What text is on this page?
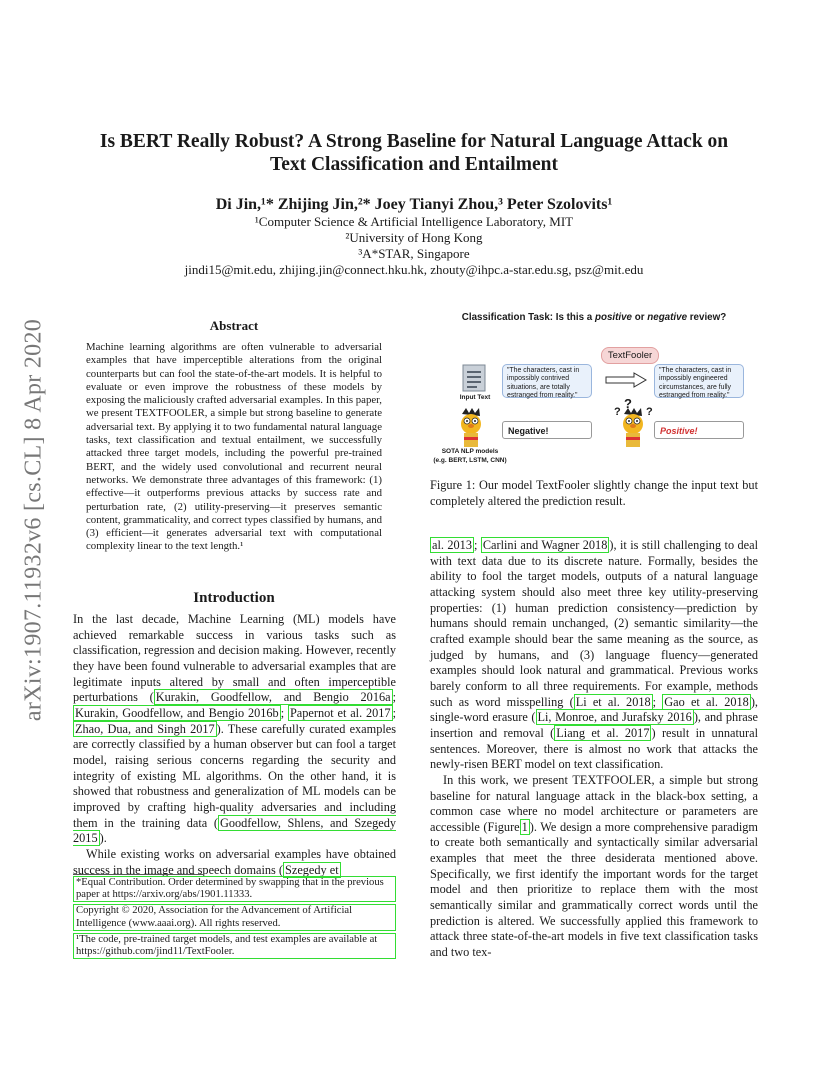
arXiv:1907.11932v6 [cs.CL] 8 Apr 2020
Is BERT Really Robust? A Strong Baseline for Natural Language Attack on Text Classification and Entailment
Di Jin,¹* Zhijing Jin,²* Joey Tianyi Zhou,³ Peter Szolovits¹
¹Computer Science & Artificial Intelligence Laboratory, MIT
²University of Hong Kong
³A*STAR, Singapore
jindi15@mit.edu, zhijing.jin@connect.hku.hk, zhouty@ihpc.a-star.edu.sg, psz@mit.edu
Abstract

Machine learning algorithms are often vulnerable to adversarial examples that have imperceptible alterations from the original counterparts but can fool the state-of-the-art models. It is helpful to evaluate or even improve the robustness of these models by exposing the maliciously crafted adversarial examples. In this paper, we present TEXTFOOLER, a simple but strong baseline to generate adversarial text. By applying it to two fundamental natural language tasks, text classification and textual entailment, we successfully attacked three target models, including the powerful pre-trained BERT, and the widely used convolutional and recurrent neural networks. We demonstrate three advantages of this framework: (1) effective—it outperforms previous attacks by success rate and perturbation rate, (2) utility-preserving—it preserves semantic content, grammaticality, and correct types classified by humans, and (3) efficient—it generates adversarial text with computational complexity linear to the text length.¹

Introduction

In the last decade, Machine Learning (ML) models have achieved remarkable success in various tasks such as classification, regression and decision making. However, recently they have been found vulnerable to adversarial examples that are legitimate inputs altered by small and often imperceptible perturbations ( Kurakin, Goodfellow, and Bengio 2016a ; Kurakin, Goodfellow, and Bengio 2016b ; Papernot et al. 2017 ; Zhao, Dua, and Singh 2017 ). These carefully curated examples are correctly classified by a human observer but can fool a target model, raising serious concerns regarding the security and integrity of existing ML algorithms. On the other hand, it is showed that robustness and generalization of ML models can be improved by crafting high-quality adversaries and including them in the training data ( Goodfellow, Shlens, and Szegedy 2015 ).

While existing works on adversarial examples have obtained success in the image and speech domains ( Szegedy et

*Equal Contribution. Order determined by swapping that in the previous paper at https://arxiv.org/abs/1901.11333.
Copyright © 2020, Association for the Advancement of Artificial Intelligence (www.aaai.org). All rights reserved.
¹The code, pre-trained target models, and test examples are available at https://github.com/jind11/TextFooler.
Classification Task: Is this a positive or negative review?
TextFooler
Input Text
"The characters, cast in impossibly contrived situations, are totally estranged from reality."
"The characters, cast in impossibly engineered circumstances, are fully estranged from reality."
?
? ?
Negative!	Positive!
SOTA NLP models
(e.g. BERT, LSTM, CNN)
Figure 1: Our model TextFooler slightly change the input text but completely altered the prediction result.

al. 2013 ; Carlini and Wagner 2018 ), it is still challenging to deal with text data due to its discrete nature. Formally, besides the ability to fool the target models, outputs of a natural language attacking system should also meet three key utility-preserving properties: (1) human prediction consistency—prediction by humans should remain unchanged, (2) semantic similarity—the crafted example should bear the same meaning as the source, as judged by humans, and (3) language fluency—generated examples should look natural and grammatical. Previous works barely conform to all three requirements. For example, methods such as word misspelling ( Li et al. 2018 ; Gao et al. 2018 ), single-word erasure ( Li, Monroe, and Jurafsky 2016 ), and phrase insertion and removal ( Liang et al. 2017 ) result in unnatural sentences. Moreover, there is almost no work that attacks the newly-risen BERT model on text classification.

In this work, we present TEXTFOOLER, a simple but strong baseline for natural language attack in the black-box setting, a common case where no model architecture or parameters are accessible (Figure 1 ). We design a more comprehensive paradigm to create both semantically and syntactically similar adversarial examples that meet the three desiderata mentioned above. Specifically, we first identify the important words for the target model and then prioritize to replace them with the most semantically similar and grammatically correct words until the prediction is altered. We successfully applied this framework to attack three state-of-the-art models in five text classification tasks and two tex-
